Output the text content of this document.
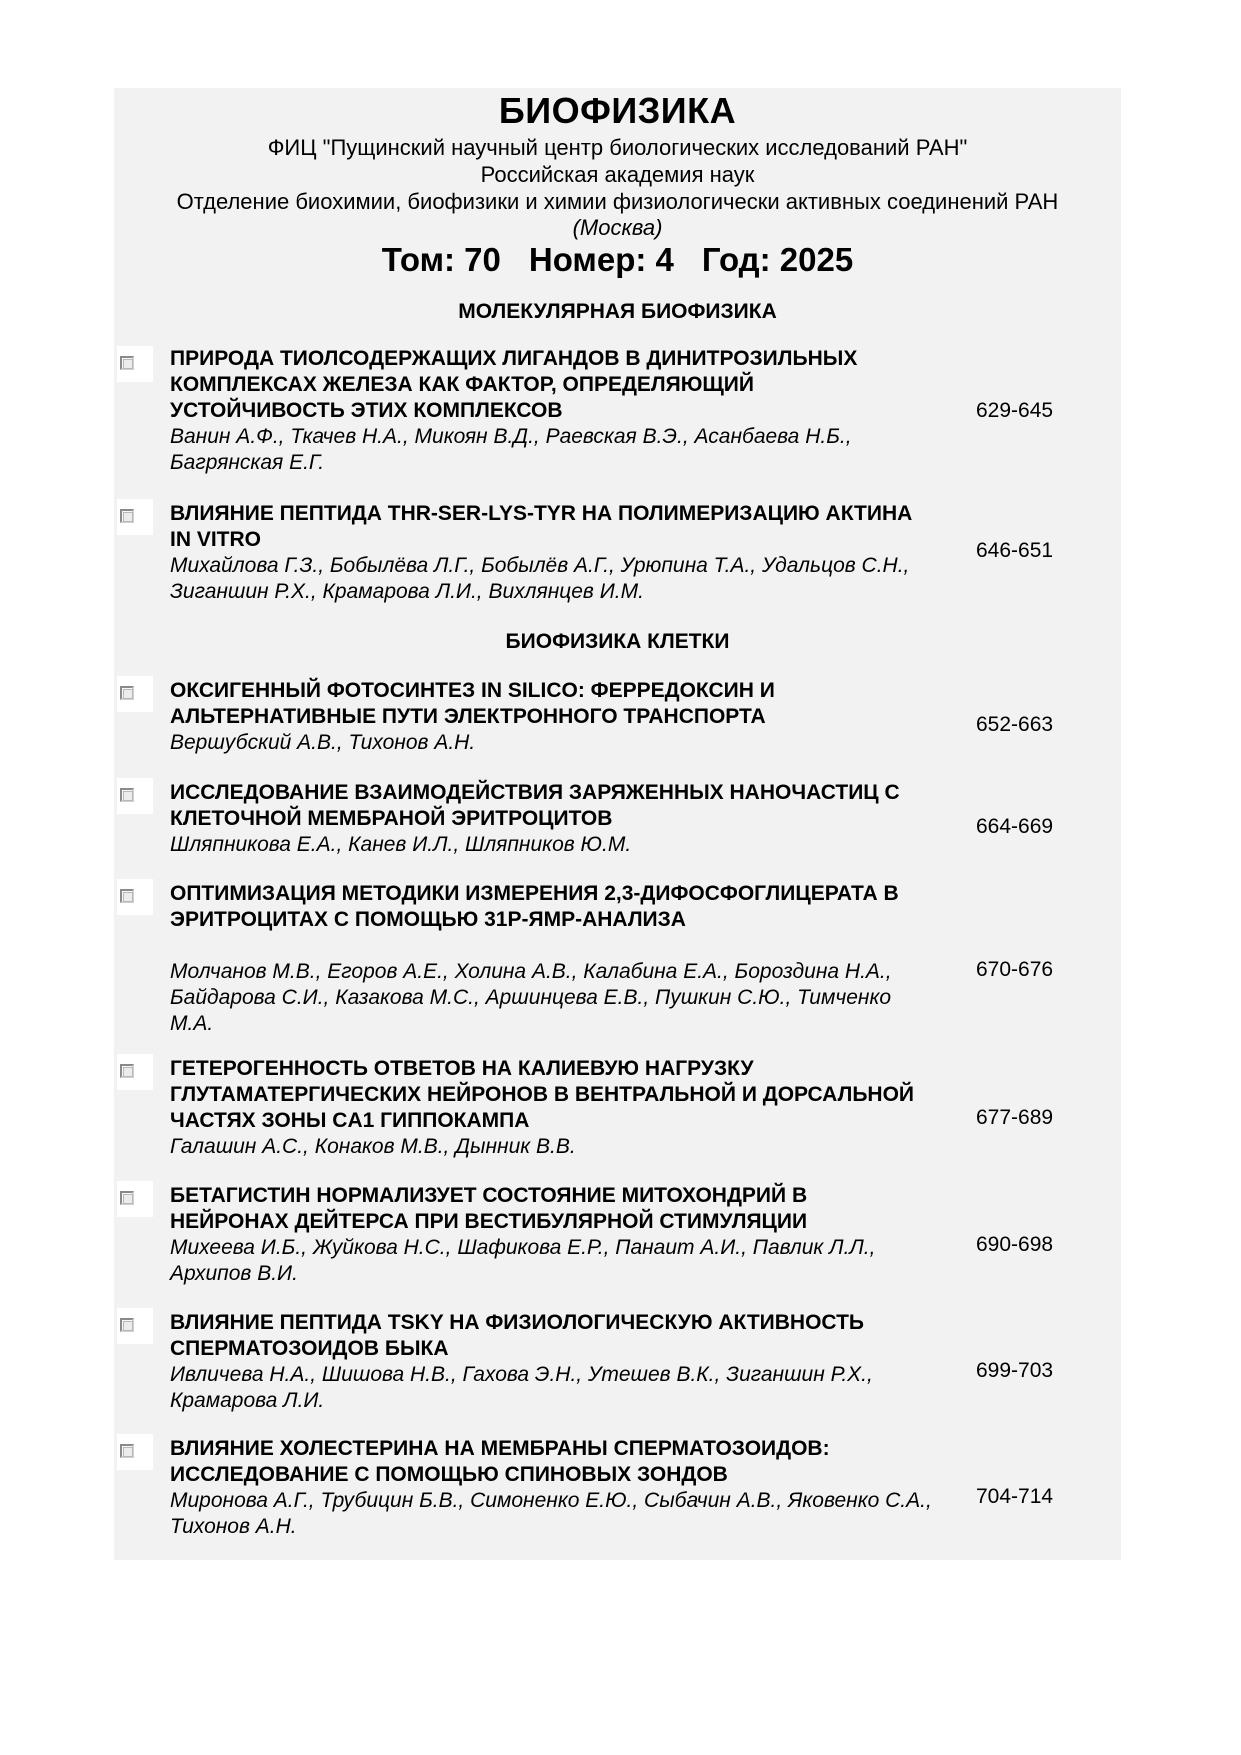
БИОФИЗИКА
ФИЦ "Пущинский научный центр биологических исследований РАН"
Российская академия наук
Отделение биохимии, биофизики и химии физиологически активных соединений РАН
(Москва)
Том: 70 Номер: 4 Год: 2025
МОЛЕКУЛЯРНАЯ БИОФИЗИКА
ПРИРОДА ТИОЛСОДЕРЖАЩИХ ЛИГАНДОВ В ДИНИТРОЗИЛЬНЫХ КОМПЛЕКСАХ ЖЕЛЕЗА КАК ФАКТОР, ОПРЕДЕЛЯЮЩИЙ УСТОЙЧИВОСТЬ ЭТИХ КОМПЛЕКСОВ
Ванин А.Ф., Ткачев Н.А., Микоян В.Д., Раевская В.Э., Асанбаева Н.Б., Багрянская Е.Г.
629-645
ВЛИЯНИЕ ПЕПТИДА THR-SER-LYS-TYR НА ПОЛИМЕРИЗАЦИЮ АКТИНА IN VITRO
Михайлова Г.З., Бобылёва Л.Г., Бобылёв А.Г., Урюпина Т.А., Удальцов С.Н., Зиганшин Р.Х., Крамарова Л.И., Вихлянцев И.М.
646-651
БИОФИЗИКА КЛЕТКИ
ОКСИГЕННЫЙ ФОТОСИНТЕЗ IN SILICO: ФЕРРЕДОКСИН И АЛЬТЕРНАТИВНЫЕ ПУТИ ЭЛЕКТРОННОГО ТРАНСПОРТА
Вершубский А.В., Тихонов А.Н.
652-663
ИССЛЕДОВАНИЕ ВЗАИМОДЕЙСТВИЯ ЗАРЯЖЕННЫХ НАНОЧАСТИЦ С КЛЕТОЧНОЙ МЕМБРАНОЙ ЭРИТРОЦИТОВ
Шляпникова Е.А., Канев И.Л., Шляпников Ю.М.
664-669
ОПТИМИЗАЦИЯ МЕТОДИКИ ИЗМЕРЕНИЯ 2,3-ДИФОСФОГЛИЦЕРАТА В ЭРИТРОЦИТАХ С ПОМОЩЬЮ 31P-ЯМР-АНАЛИЗА
Молчанов М.В., Егоров А.Е., Холина А.В., Калабина Е.А., Бороздина Н.А., Байдарова С.И., Казакова М.С., Аршинцева Е.В., Пушкин С.Ю., Тимченко М.А.
670-676
ГЕТЕРОГЕННОСТЬ ОТВЕТОВ НА КАЛИЕВУЮ НАГРУЗКУ ГЛУТАМАТЕРГИЧЕСКИХ НЕЙРОНОВ В ВЕНТРАЛЬНОЙ И ДОРСАЛЬНОЙ ЧАСТЯХ ЗОНЫ CA1 ГИППОКАМПА
Галашин А.С., Конаков М.В., Дынник В.В.
677-689
БЕТАГИСТИН НОРМАЛИЗУЕТ СОСТОЯНИЕ МИТОХОНДРИЙ В НЕЙРОНАХ ДЕЙТЕРСА ПРИ ВЕСТИБУЛЯРНОЙ СТИМУЛЯЦИИ
Михеева И.Б., Жуйкова Н.С., Шафикова Е.Р., Панаит А.И., Павлик Л.Л., Архипов В.И.
690-698
ВЛИЯНИЕ ПЕПТИДА TSKY НА ФИЗИОЛОГИЧЕСКУЮ АКТИВНОСТЬ СПЕРМАТОЗОИДОВ БЫКА
Ивличева Н.А., Шишова Н.В., Гахова Э.Н., Утешев В.К., Зиганшин Р.Х., Крамарова Л.И.
699-703
ВЛИЯНИЕ ХОЛЕСТЕРИНА НА МЕМБРАНЫ СПЕРМАТОЗОИДОВ: ИССЛЕДОВАНИЕ С ПОМОЩЬЮ СПИНОВЫХ ЗОНДОВ
Миронова А.Г., Трубицин Б.В., Симоненко Е.Ю., Сыбачин А.В., Яковенко С.А., Тихонов А.Н.
704-714
